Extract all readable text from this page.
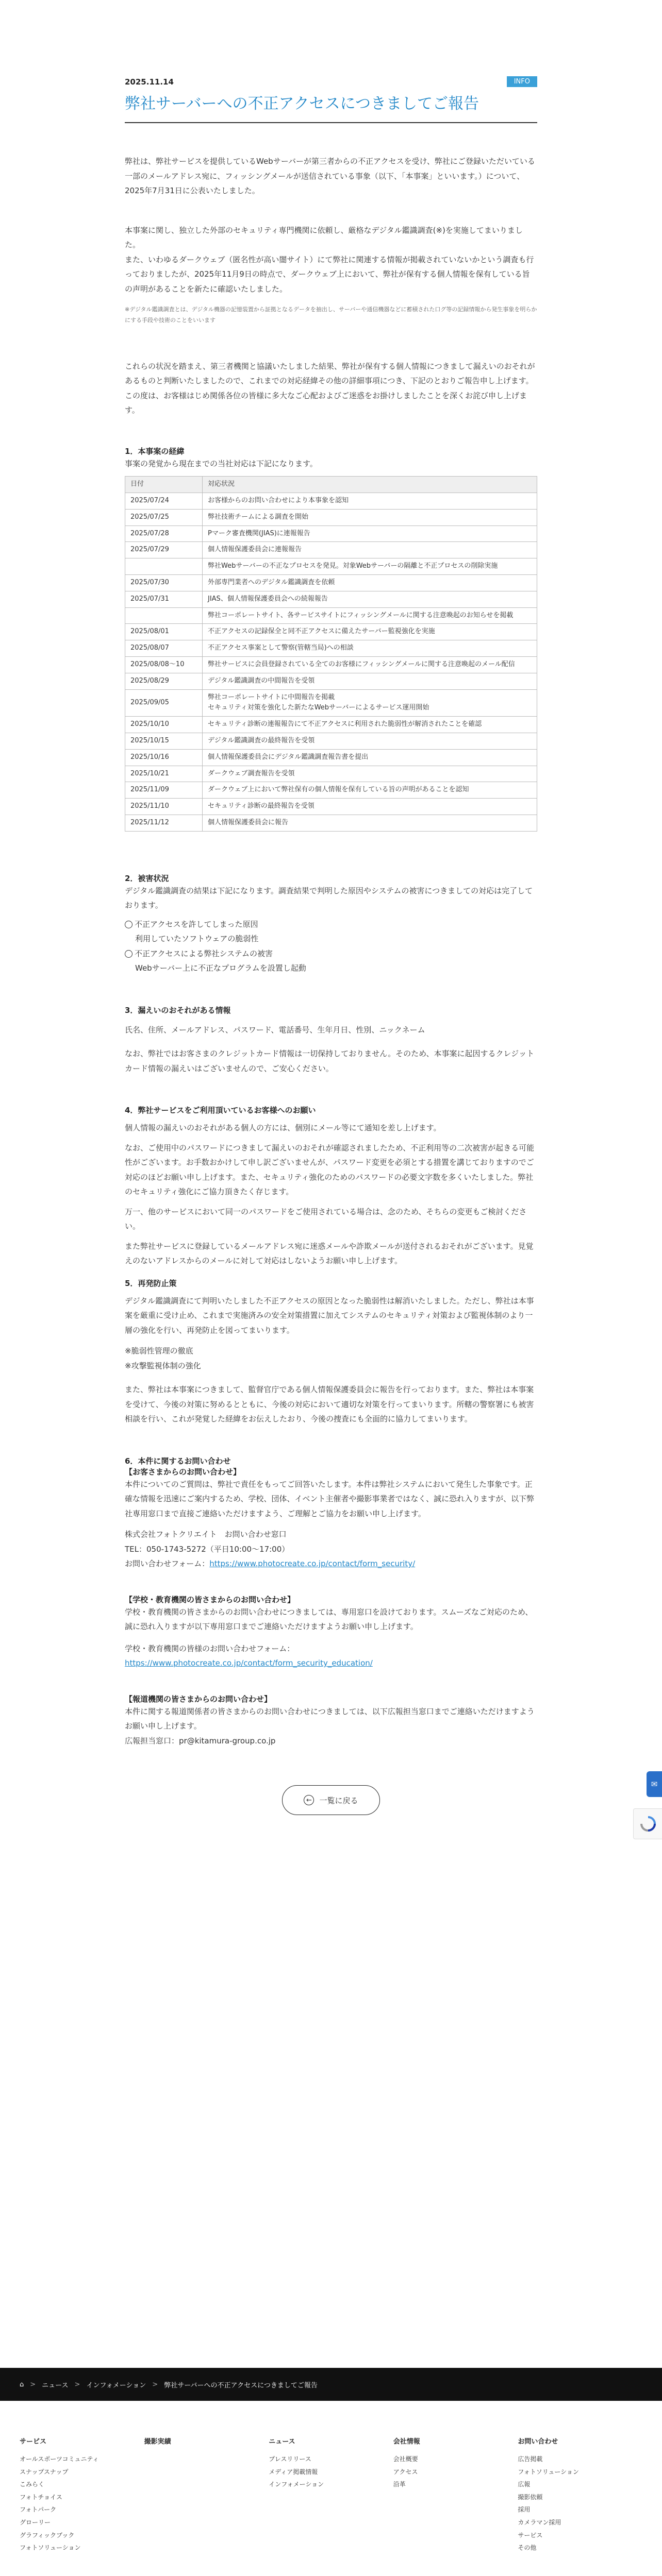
2025.11.14	INFO
弊社サーバーへの不正アクセスにつきましてご報告

弊社は、弊社サービスを提供しているWebサーバーが第三者からの不正アクセスを受け、弊社にご登録いただいている一部のメールアドレス宛に、フィッシングメールが送信されている事象（以下、「本事案」といいます。）について、2025年7月31日に公表いたしました。

本事案に関し、独立した外部のセキュリティ専門機関に依頼し、厳格なデジタル鑑識調査(※)を実施してまいりました。

また、いわゆるダークウェブ（匿名性が高い闇サイト）にて弊社に関連する情報が掲載されていないかという調査も行っておりましたが、2025年11月9日の時点で、ダークウェブ上において、弊社が保有する個人情報を保有している旨の声明があることを新たに確認いたしました。

※デジタル鑑識調査とは、デジタル機器の記憶装置から証拠となるデータを抽出し、サーバーや通信機器などに蓄積された口グ等の記録情報から発生事象を明らかにする手段や技術のことをいいます

これらの状況を踏まえ、第三者機関と協議いたしました結果、弊社が保有する個人情報につきまして漏えいのおそれがあるものと判断いたしましたので、これまでの対応経緯その他の詳細事項につき、下記のとおりご報告申し上げます。

この度は、お客様はじめ関係各位の皆様に多大なご心配およびご迷惑をお掛けしましたことを深くお詫び申し上げます。

1．本事案の経緯

事案の発覚から現在までの当社対応は下記になります。

日付	対応状況
2025/07/24	お客様からのお問い合わせにより本事象を認知
2025/07/25	弊社技術チームによる調査を開始
2025/07/28	Pマーク審査機関(JIAS)に連報報告
2025/07/29	個人情報保護委員会に連報報告
	弊社Webサーバーの不正なプロセスを発見。対象Webサーバーの隔離と不正プロセスの削除実施
2025/07/30	外部専門業者へのデジタル鑑識調査を依頼
2025/07/31	JIAS、個人情報保護委員会への続報報告
	弊社コーポレートサイト、各サービスサイトにフィッシングメールに関する注意喚起のお知らせを掲載
2025/08/01	不正アクセスの記録保全と同不正アクセスに備えたサーバー監視強化を実施
2025/08/07	不正アクセス事案として警察(管轄当局)への相談
2025/08/08〜10	弊社サービスに会員登録されている全てのお客様にフィッシングメールに関する注意喚起のメール配信
2025/08/29	デジタル鑑識調査の中間報告を受領
2025/09/05	弊社コーポレートサイトに中間報告を掲載
セキュリティ対策を強化した新たなWebサーバーによるサービス運用開始
2025/10/10	セキュリティ診断の連報報告にて不正アクセスに利用された脆弱性が解消されたことを確認
2025/10/15	デジタル鑑識調査の最終報告を受領
2025/10/16	個人情報保護委員会にデジタル鑑識調査報告書を提出
2025/10/21	ダークウェブ調査報告を受領
2025/11/09	ダークウェブ上において弊社保有の個人情報を保有している旨の声明があることを認知
2025/11/10	セキュリティ診断の最終報告を受領
2025/11/12	個人情報保護委員会に報告
2．被害状況

デジタル鑑識調査の結果は下記になります。調査結果で判明した原因やシステムの被害につきましての対応は完了しております。

不正アクセスを許してしまった原因

利用していたソフトウェアの脆弱性

不正アクセスによる弊社システムの被害

Webサーバー上に不正なプログラムを設置し起動

3．漏えいのおそれがある情報

氏名、住所、メールアドレス、パスワード、電話番号、生年月日、性別、ニックネーム

なお、弊社ではお客さまのクレジットカード情報は一切保持しておりません。そのため、本事案に起因するクレジットカード情報の漏えいはございませんので、ご安心ください。

4．弊社サービスをご利用頂いているお客様へのお願い

個人情報の漏えいのおそれがある個人の方には、個別にメール等にて通知を差し上げます。

なお、ご使用中のパスワードにつきまして漏えいのおそれが確認されましたため、不正利用等の二次被害が起きる可能性がございます。お手数おかけして申し訳ございませんが、パスワード変更を必須とする措置を講じておりますのでご対応のほどお願い申し上げます。また、セキュリティ強化のためのパスワードの必要文字数を多くいたしました。弊社のセキュリティ強化にご協力頂きたく存じます。

万一、他のサービスにおいて同一のパスワードをご使用されている場合は、念のため、そちらの変更もご検討ください。

また弊社サービスに登録しているメールアドレス宛に迷惑メールや詐欺メールが送付されるおそれがございます。見覚えのないアドレスからのメールに対して対応はしないようお願い申し上げます。

5．再発防止策

デジタル鑑識調査にて判明いたしました不正アクセスの原因となった脆弱性は解消いたしました。ただし、弊社は本事案を厳重に受け止め、これまで実施済みの安全対策措置に加えてシステムのセキュリティ対策および監視体制のより一層の強化を行い、再発防止を図ってまいります。

※脆弱性管理の徹底

※攻撃監視体制の強化

また、弊社は本事案につきまして、監督官庁である個人情報保護委員会に報告を行っております。また、弊社は本事案を受けて、今後の対策に努めるとともに、今後の対応において適切な対策を行ってまいります。所轄の警察署にも被害相談を行い、これが発覚した経緯をお伝えしたおり、今後の捜査にも全面的に協力してまいります。

6．本件に関するお問い合わせ

【お客さまからのお問い合わせ】

本件についてのご質問は、弊社で責任をもってご回答いたします。本件は弊社システムにおいて発生した事象です。正確な情報を迅速にご案内するため、学校、団体、イベント主催者や撮影事業者ではなく、誠に恐れ入りますが、以下弊社専用窓口まで直接ご連絡いただけますよう、ご理解とご協力をお願い申し上げます。

株式会社フォトクリエイト　お問い合わせ窓口

TEL：050-1743-5272（平日10:00〜17:00）

お問い合わせフォーム：https://www.photocreate.co.jp/contact/form_security/

【学校・教育機関の皆さまからのお問い合わせ】

学校・教育機関の皆さまからのお問い合わせにつきましては、専用窓口を設けております。スムーズなご対応のため、誠に恐れ入りますが以下専用窓口までご連絡いただけますようお願い申し上げます。

学校・教育機関の皆様のお問い合わせフォーム：

https://www.photocreate.co.jp/contact/form_security_education/

【報道機関の皆さまからのお問い合わせ】

本件に関する報道関係者の皆さまからのお問い合わせにつきましては、以下広報担当窓口までご連絡いただけますようお願い申し上げます。

広報担当窓口：pr@kitamura-group.co.jp

← 一覧に戻る
✉
⌂ > ニュース > インフォメーション > 弊社サーバーへの不正アクセスにつきましてご報告
サービス
オールスポーツコミュニティ
スナップスナップ
こみらく
フォトチョイス
フォトパーク
グローリー
グラフィックブック
フォトソリューション
撮影実績	ニュース
プレスリリース
メディア掲載情報
インフォメーション
会社情報
会社概要
アクセス
沿革
お問い合わせ
広告掲載
フォトソリューション
広報
撮影依頼
採用
カメラマン採用
サービス
その他
